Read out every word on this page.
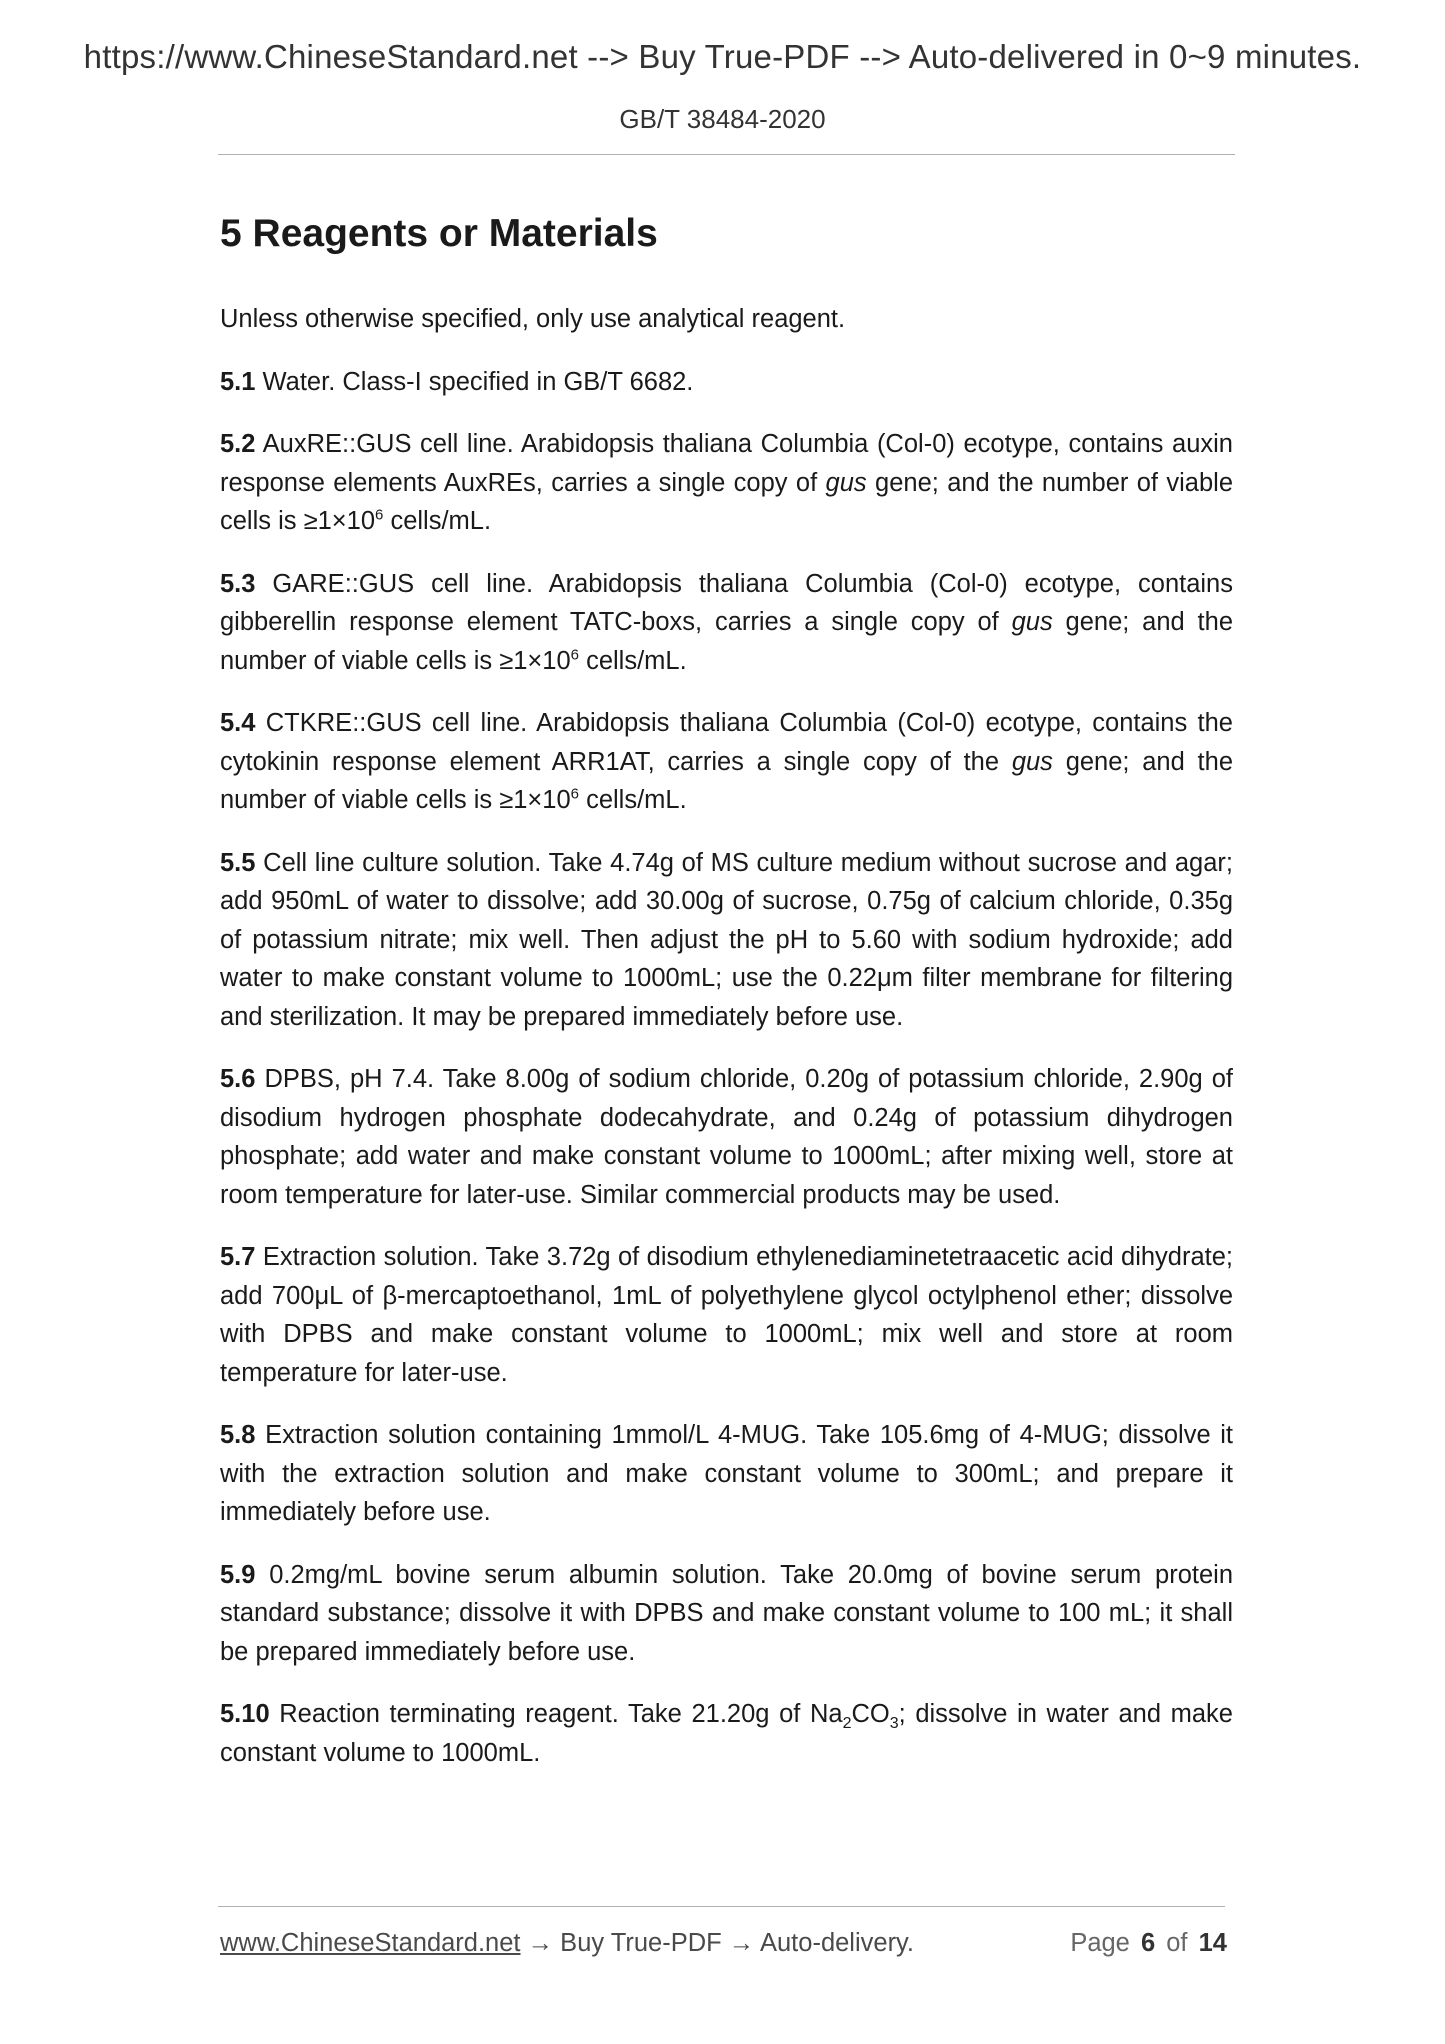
https://www.ChineseStandard.net --> Buy True-PDF --> Auto-delivered in 0~9 minutes.
GB/T 38484-2020
5 Reagents or Materials

Unless otherwise specified, only use analytical reagent.

5.1 Water. Class-I specified in GB/T 6682.

5.2 AuxRE::GUS cell line. Arabidopsis thaliana Columbia (Col-0) ecotype, contains auxin response elements AuxREs, carries a single copy of gus gene; and the number of viable cells is $\ge 1\times 10^6$ cells/mL.

5.3 GARE::GUS cell line. Arabidopsis thaliana Columbia (Col-0) ecotype, contains gibberellin response element TATC-boxs, carries a single copy of gus gene; and the number of viable cells is $\ge 1\times 10^6$ cells/mL.

5.4 CTKRE::GUS cell line. Arabidopsis thaliana Columbia (Col-0) ecotype, contains the cytokinin response element ARR1AT, carries a single copy of the gus gene; and the number of viable cells is $\ge 1\times 10^6$ cells/mL.

5.5 Cell line culture solution. Take 4.74g of MS culture medium without sucrose and agar; add 950mL of water to dissolve; add 30.00g of sucrose, 0.75g of calcium chloride, 0.35g of potassium nitrate; mix well. Then adjust the pH to 5.60 with sodium hydroxide; add water to make constant volume to 1000mL; use the 0.22μm filter membrane for filtering and sterilization. It may be prepared immediately before use.

5.6 DPBS, pH 7.4. Take 8.00g of sodium chloride, 0.20g of potassium chloride, 2.90g of disodium hydrogen phosphate dodecahydrate, and 0.24g of potassium dihydrogen phosphate; add water and make constant volume to 1000mL; after mixing well, store at room temperature for later-use. Similar commercial products may be used.

5.7 Extraction solution. Take 3.72g of disodium ethylenediaminetetraacetic acid dihydrate; add 700μL of β-mercaptoethanol, 1mL of polyethylene glycol octylphenol ether; dissolve with DPBS and make constant volume to 1000mL; mix well and store at room temperature for later-use.

5.8 Extraction solution containing 1mmol/L 4-MUG. Take 105.6mg of 4-MUG; dissolve it with the extraction solution and make constant volume to 300mL; and prepare it immediately before use.

5.9 0.2mg/mL bovine serum albumin solution. Take 20.0mg of bovine serum protein standard substance; dissolve it with DPBS and make constant volume to 100 mL; it shall be prepared immediately before use.

5.10 Reaction terminating reagent. Take 21.20g of $Na_2CO_3$; dissolve in water and make constant volume to 1000mL.

www.ChineseStandard.net → Buy True-PDF → Auto-delivery.	Page 6 of 14
